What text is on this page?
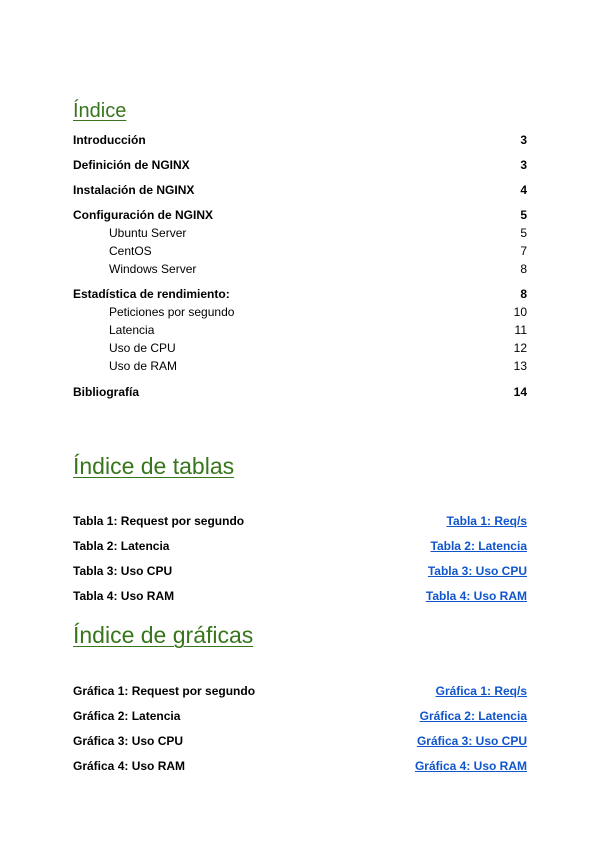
Índice
Introducción	3
Definición de NGINX	3
Instalación de NGINX	4
Configuración de NGINX	5
Ubuntu Server	5
CentOS	7
Windows Server	8
Estadística de rendimiento:	8
Peticiones por segundo	10
Latencia	11
Uso de CPU	12
Uso de RAM	13
Bibliografía	14
Índice de tablas
Tabla 1: Request por segundo	Tabla 1: Req/s
Tabla 2: Latencia	Tabla 2: Latencia
Tabla 3: Uso CPU	Tabla 3: Uso CPU
Tabla 4: Uso RAM	Tabla 4: Uso RAM
Índice de gráficas
Gráfica 1: Request por segundo	Gráfica 1: Req/s
Gráfica 2: Latencia	Gráfica 2: Latencia
Gráfica 3: Uso CPU	Gráfica 3: Uso CPU
Gráfica 4: Uso RAM	Gráfica 4: Uso RAM
